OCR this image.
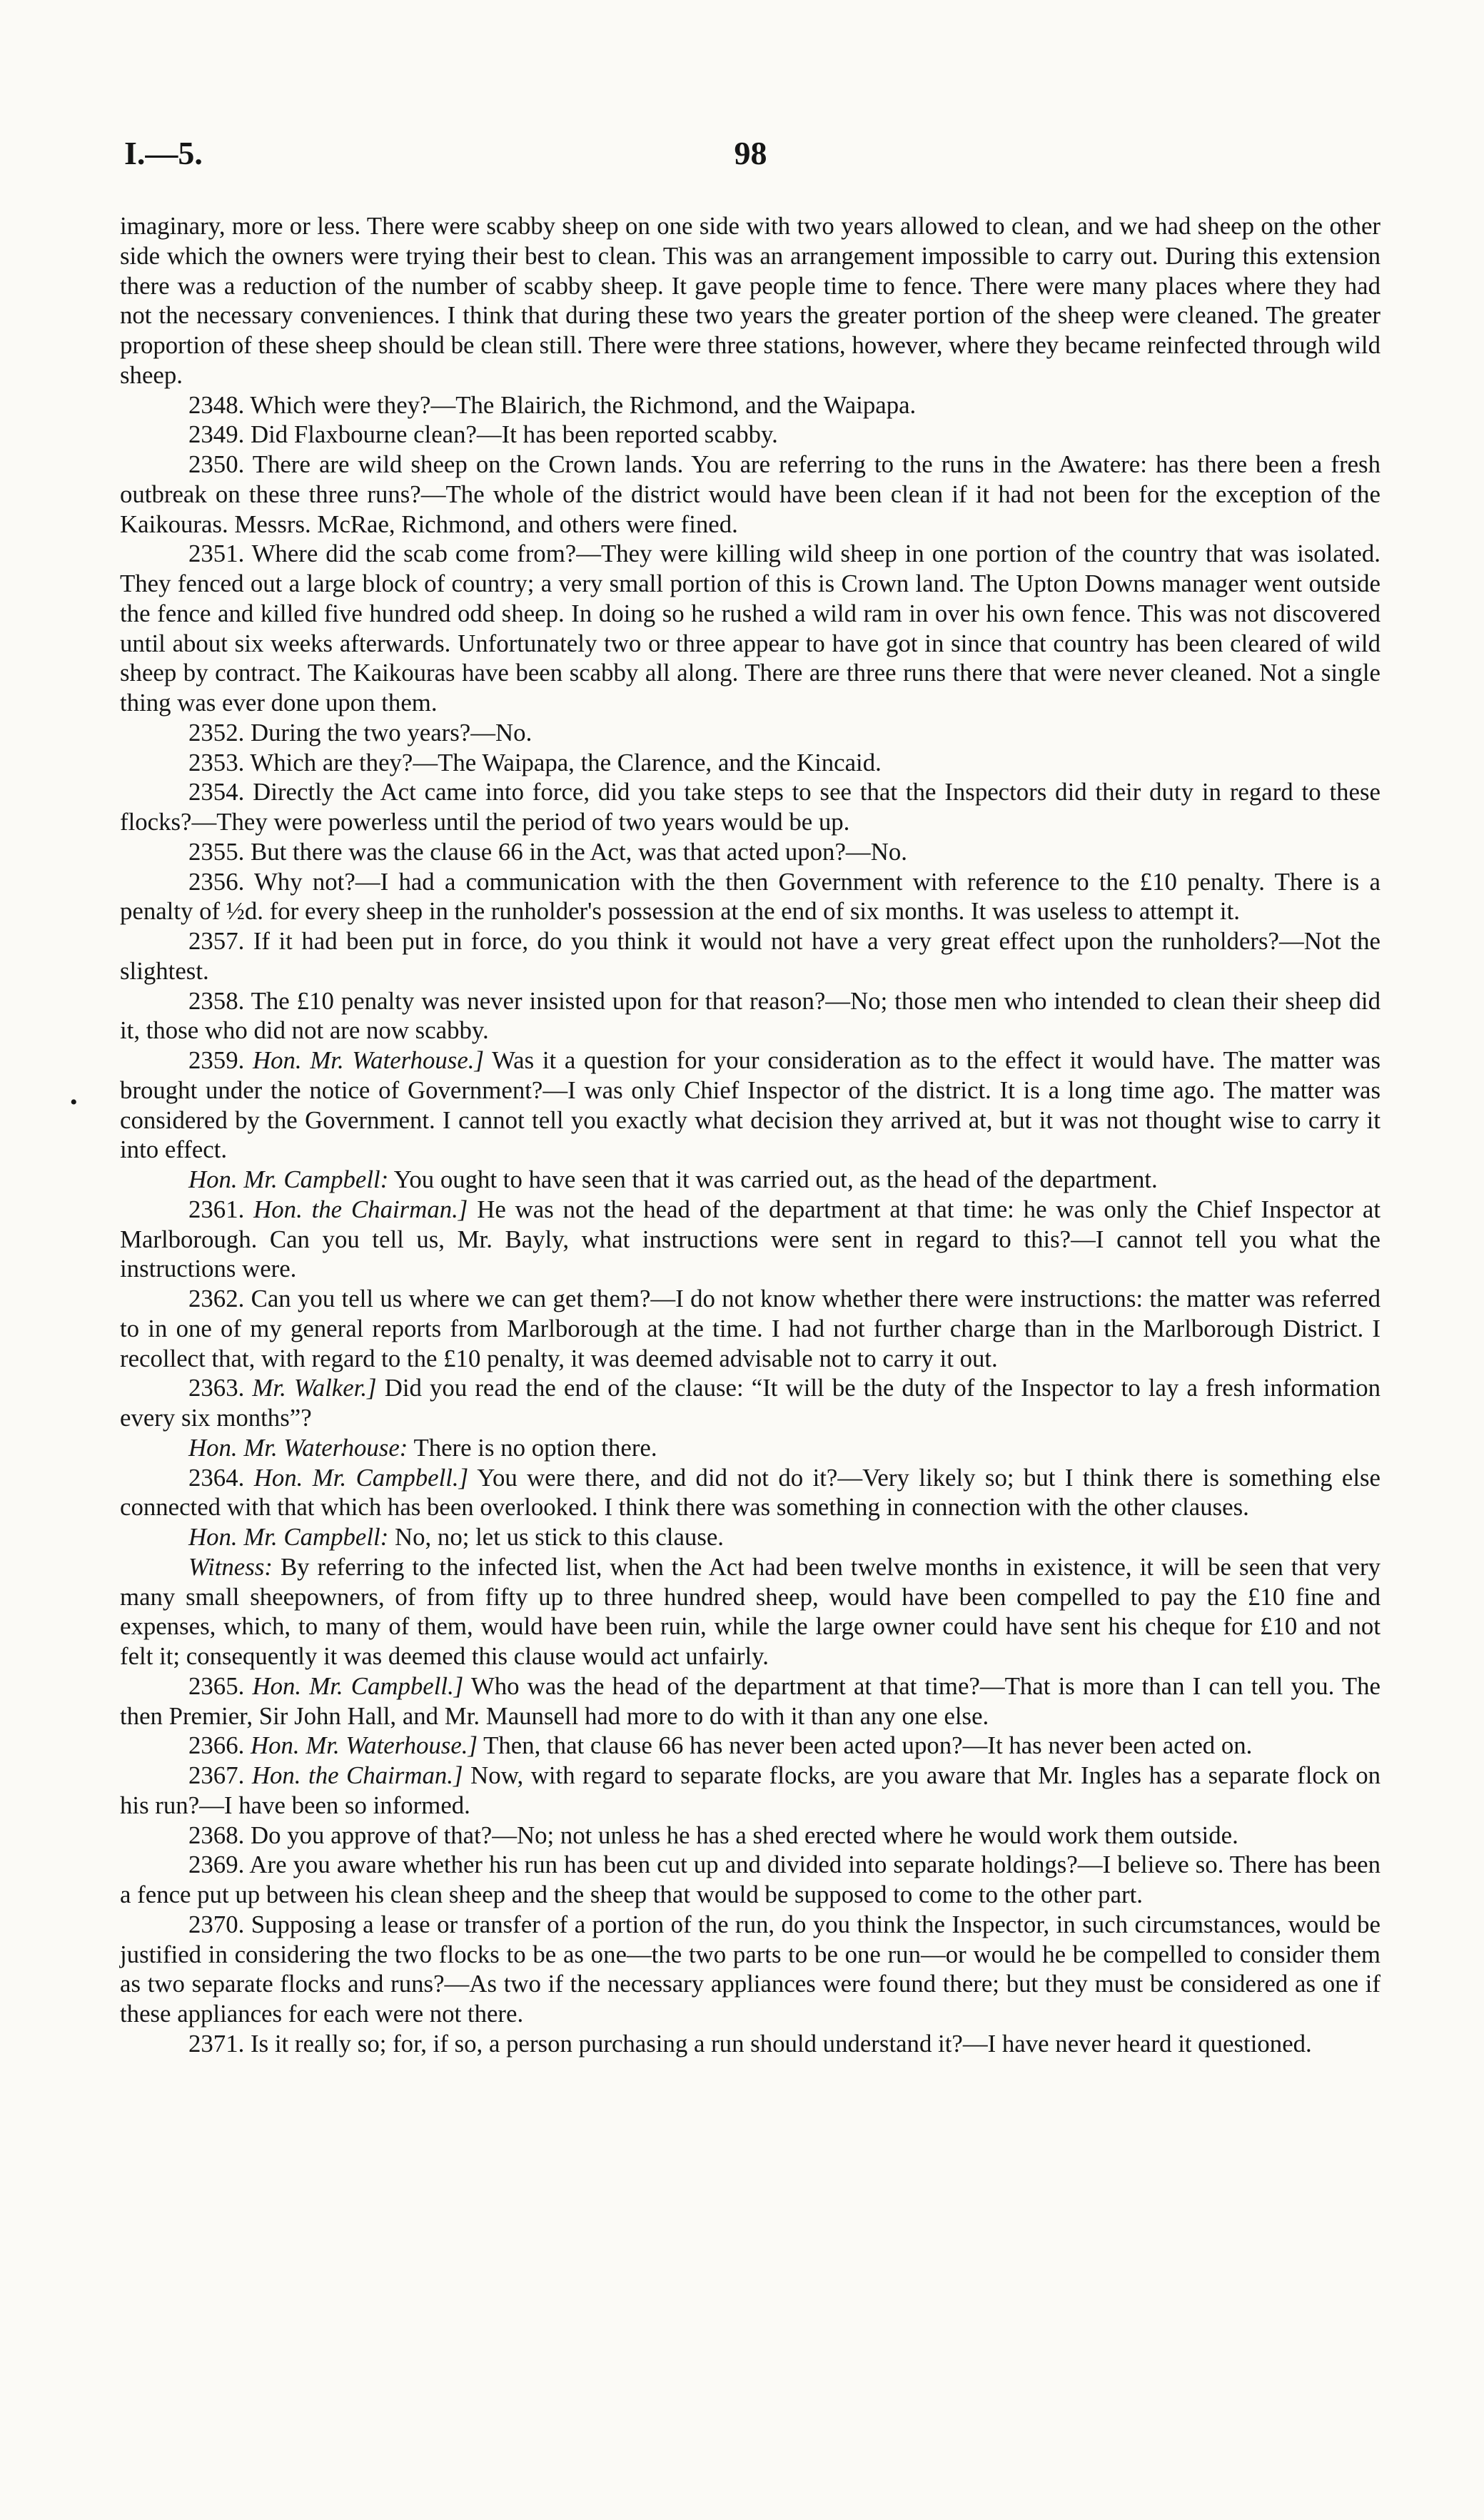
I.—5.	98
•

imaginary, more or less. There were scabby sheep on one side with two years allowed to clean, and we had sheep on the other side which the owners were trying their best to clean. This was an arrangement impossible to carry out. During this extension there was a reduction of the number of scabby sheep. It gave people time to fence. There were many places where they had not the necessary conveniences. I think that during these two years the greater portion of the sheep were cleaned. The greater proportion of these sheep should be clean still. There were three stations, however, where they became reinfected through wild sheep.

2348. Which were they?—The Blairich, the Richmond, and the Waipapa.

2349. Did Flaxbourne clean?—It has been reported scabby.

2350. There are wild sheep on the Crown lands. You are referring to the runs in the Awatere: has there been a fresh outbreak on these three runs?—The whole of the district would have been clean if it had not been for the exception of the Kaikouras. Messrs. McRae, Richmond, and others were fined.

2351. Where did the scab come from?—They were killing wild sheep in one portion of the country that was isolated. They fenced out a large block of country; a very small portion of this is Crown land. The Upton Downs manager went outside the fence and killed five hundred odd sheep. In doing so he rushed a wild ram in over his own fence. This was not discovered until about six weeks afterwards. Unfortunately two or three appear to have got in since that country has been cleared of wild sheep by contract. The Kaikouras have been scabby all along. There are three runs there that were never cleaned. Not a single thing was ever done upon them.

2352. During the two years?—No.

2353. Which are they?—The Waipapa, the Clarence, and the Kincaid.

2354. Directly the Act came into force, did you take steps to see that the Inspectors did their duty in regard to these flocks?—They were powerless until the period of two years would be up.

2355. But there was the clause 66 in the Act, was that acted upon?—No.

2356. Why not?—I had a communication with the then Government with reference to the £10 penalty. There is a penalty of ½d. for every sheep in the runholder's possession at the end of six months. It was useless to attempt it.

2357. If it had been put in force, do you think it would not have a very great effect upon the runholders?—Not the slightest.

2358. The £10 penalty was never insisted upon for that reason?—No; those men who intended to clean their sheep did it, those who did not are now scabby.

2359. Hon. Mr. Waterhouse.] Was it a question for your consideration as to the effect it would have. The matter was brought under the notice of Government?—I was only Chief Inspector of the district. It is a long time ago. The matter was considered by the Government. I cannot tell you exactly what decision they arrived at, but it was not thought wise to carry it into effect.

Hon. Mr. Campbell: You ought to have seen that it was carried out, as the head of the department.

2361. Hon. the Chairman.] He was not the head of the department at that time: he was only the Chief Inspector at Marlborough. Can you tell us, Mr. Bayly, what instructions were sent in regard to this?—I cannot tell you what the instructions were.

2362. Can you tell us where we can get them?—I do not know whether there were instructions: the matter was referred to in one of my general reports from Marlborough at the time. I had not further charge than in the Marlborough District. I recollect that, with regard to the £10 penalty, it was deemed advisable not to carry it out.

2363. Mr. Walker.] Did you read the end of the clause: “It will be the duty of the Inspector to lay a fresh information every six months”?

Hon. Mr. Waterhouse: There is no option there.

2364. Hon. Mr. Campbell.] You were there, and did not do it?—Very likely so; but I think there is something else connected with that which has been overlooked. I think there was something in connection with the other clauses.

Hon. Mr. Campbell: No, no; let us stick to this clause.

Witness: By referring to the infected list, when the Act had been twelve months in existence, it will be seen that very many small sheepowners, of from fifty up to three hundred sheep, would have been compelled to pay the £10 fine and expenses, which, to many of them, would have been ruin, while the large owner could have sent his cheque for £10 and not felt it; consequently it was deemed this clause would act unfairly.

2365. Hon. Mr. Campbell.] Who was the head of the department at that time?—That is more than I can tell you. The then Premier, Sir John Hall, and Mr. Maunsell had more to do with it than any one else.

2366. Hon. Mr. Waterhouse.] Then, that clause 66 has never been acted upon?—It has never been acted on.

2367. Hon. the Chairman.] Now, with regard to separate flocks, are you aware that Mr. Ingles has a separate flock on his run?—I have been so informed.

2368. Do you approve of that?—No; not unless he has a shed erected where he would work them outside.

2369. Are you aware whether his run has been cut up and divided into separate holdings?—I believe so. There has been a fence put up between his clean sheep and the sheep that would be supposed to come to the other part.

2370. Supposing a lease or transfer of a portion of the run, do you think the Inspector, in such circumstances, would be justified in considering the two flocks to be as one—the two parts to be one run—or would he be compelled to consider them as two separate flocks and runs?—As two if the necessary appliances were found there; but they must be considered as one if these appliances for each were not there.

2371. Is it really so; for, if so, a person purchasing a run should understand it?—I have never heard it questioned.
